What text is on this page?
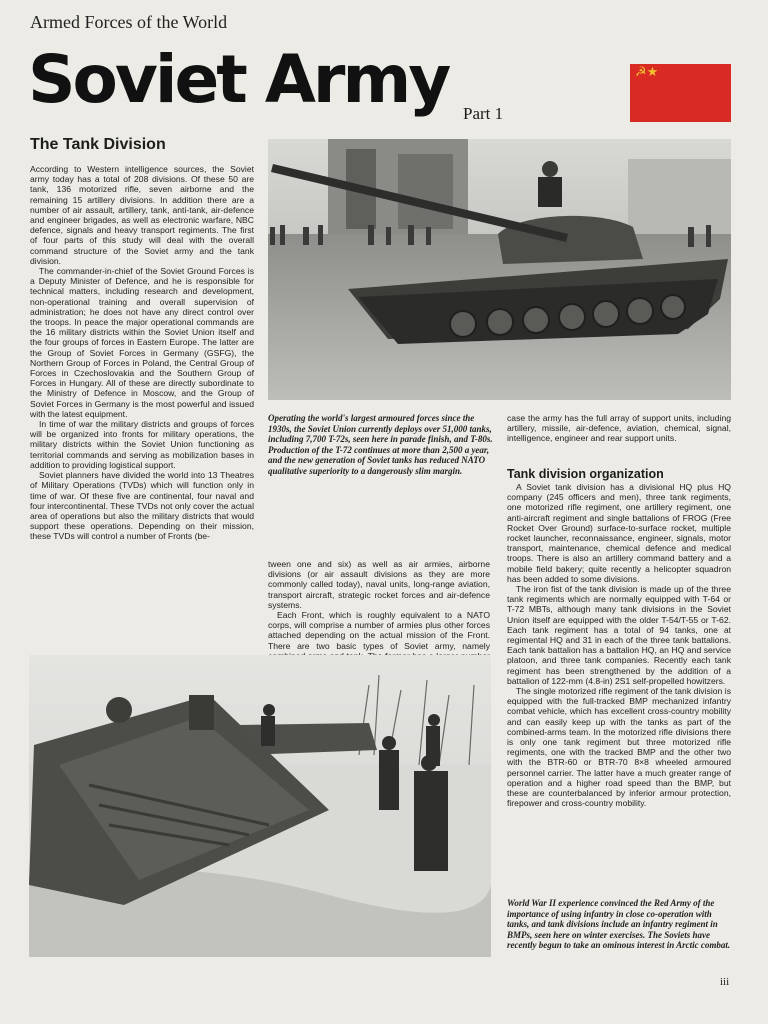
Armed Forces of the World
Soviet Army Part 1
☭★
The Tank Division

According to Western intelligence sources, the Soviet army today has a total of 208 divisions. Of these 50 are tank, 136 motorized rifle, seven airborne and the remaining 15 artillery divisions. In addition there are a number of air assault, artillery, tank, anti-tank, air-defence and engineer brigades, as well as electronic warfare, NBC defence, signals and heavy transport regiments. The first of four parts of this study will deal with the overall command structure of the Soviet army and the tank division.

The commander-in-chief of the Soviet Ground Forces is a Deputy Minister of Defence, and he is responsible for technical matters, including research and development, non-operational training and overall supervision of administration; he does not have any direct control over the troops. In peace the major operational commands are the 16 military districts within the Soviet Union itself and the four groups of forces in Eastern Europe. The latter are the Group of Soviet Forces in Germany (GSFG), the Northern Group of Forces in Poland, the Central Group of Forces in Czechoslovakia and the Southern Group of Forces in Hungary. All of these are directly subordinate to the Ministry of Defence in Moscow, and the Group of Soviet Forces in Germany is the most powerful and issued with the latest equipment.

In time of war the military districts and groups of forces will be organized into fronts for military operations, the military districts within the Soviet Union functioning as territorial commands and serving as mobilization bases in addition to providing logistical support.

Soviet planners have divided the world into 13 Theatres of Military Operations (TVDs) which will function only in time of war. Of these five are continental, four naval and four intercontinental. These TVDs not only cover the actual area of operations but also the military districts that would support these operations. Depending on their mission, these TVDs will control a number of Fronts (be-

Operating the world's largest armoured forces since the 1930s, the Soviet Union currently deploys over 51,000 tanks, including 7,700 T-72s, seen here in parade finish, and T-80s. Production of the T-72 continues at more than 2,500 a year, and the new generation of Soviet tanks has reduced NATO qualitative superiority to a dangerously slim margin.

tween one and six) as well as air armies, airborne divisions (or air assault divisions as they are more commonly called today), naval units, long-range aviation, transport aircraft, strategic rocket forces and air-defence systems.

Each Front, which is roughly equivalent to a NATO corps, will comprise a number of armies plus other forces attached depending on the actual mission of the Front. There are two basic types of Soviet army, namely

case the army has the full array of support units, including artillery, missile, air-defence, aviation, chemical, signal, intelligence, engineer and rear support units.

Tank division organization

A Soviet tank division has a divisional HQ plus HQ company (245 officers and men), three tank regiments, one motorized rifle regiment, one artillery regiment, one anti-aircraft regiment and single battalions of FROG (Free Rocket Over Ground) surface-to-surface rocket, multiple rocket launcher, reconnaissance, engineer, signals, motor transport, maintenance, chemical defence and medical troops. There is also an artillery command battery and a mobile field bakery; quite recently a helicopter squadron has been added to some divisions.

The iron fist of the tank division is made up of the three tank regiments which are normally equipped with T-64 or T-72 MBTs, although many tank divisions in the Soviet Union itself are equipped with the older T-54/T-55 or T-62. Each tank regiment has a total of 94 tanks, one at regimental HQ and 31 in each of the three tank battalions. Each tank battalion has a battalion HQ, an HQ and service platoon, and three tank companies. Recently each tank regiment has been strengthened by the addition of a battalion of 122-mm (4.8-in) 2S1 self-propelled howitzers.

The single motorized rifle regiment of the tank division is equipped with the full-tracked BMP mechanized infantry combat vehicle, which has excellent cross-country mobility and can easily keep up with the tanks as part of the combined-arms team. In the motorized rifle divisions there is only one tank regiment but three motorized rifle regiments, one with the tracked BMP and the other two with the BTR-60 or BTR-70 8×8 wheeled armoured personnel carrier. The latter have a much greater range of operation and a higher road speed than the BMP, but these are counterbalanced by inferior armour protection, firepower and cross-country mobility.

World War II experience convinced the Red Army of the importance of using infantry in close co-operation with tanks, and tank divisions include an infantry regiment in BMPs, seen here on winter exercises. The Soviets have recently begun to take an ominous interest in Arctic combat.
iii
